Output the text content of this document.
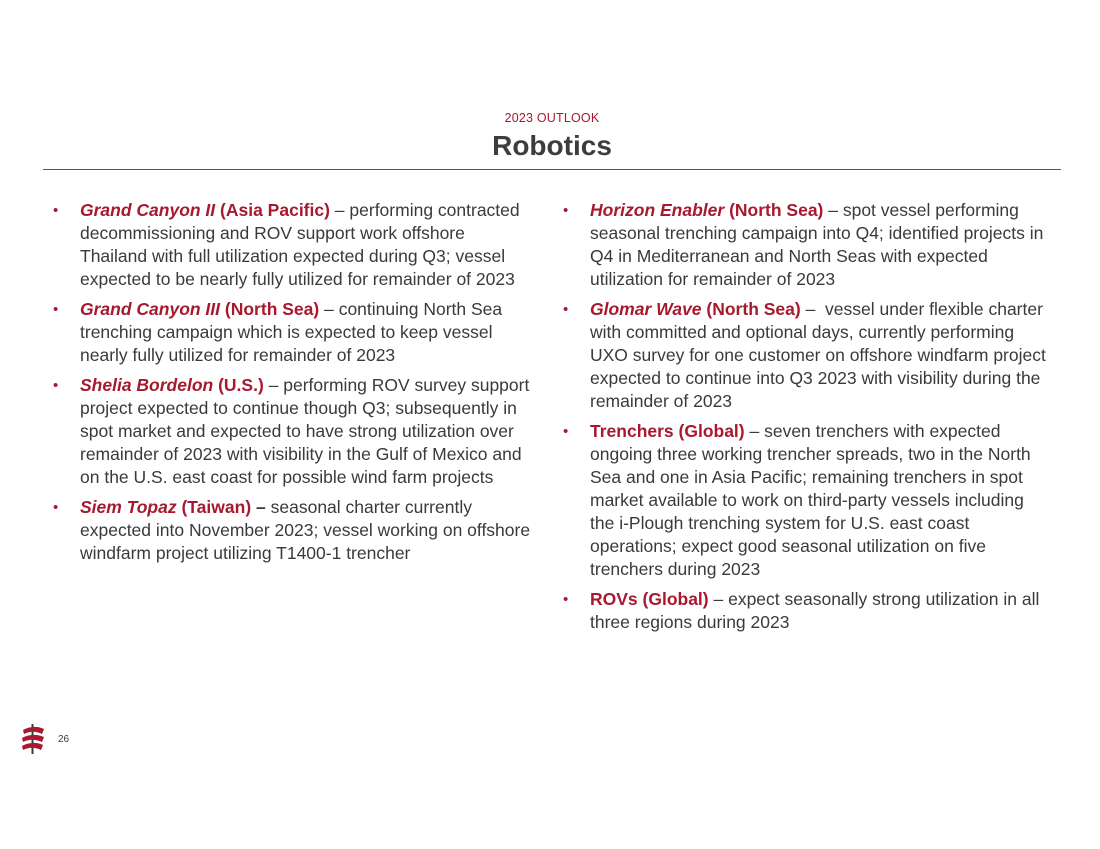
2023 OUTLOOK
Robotics
• Grand Canyon II (Asia Pacific) – performing contracted decommissioning and ROV support work offshore Thailand with full utilization expected during Q3; vessel expected to be nearly fully utilized for remainder of 2023
• Grand Canyon III (North Sea) – continuing North Sea trenching campaign which is expected to keep vessel nearly fully utilized for remainder of 2023
• Shelia Bordelon (U.S.) – performing ROV survey support project expected to continue though Q3; subsequently in spot market and expected to have strong utilization over remainder of 2023 with visibility in the Gulf of Mexico and on the U.S. east coast for possible wind farm projects
• Siem Topaz (Taiwan) – seasonal charter currently expected into November 2023; vessel working on offshore windfarm project utilizing T1400-1 trencher
• Horizon Enabler (North Sea) – spot vessel performing seasonal trenching campaign into Q4; identified projects in Q4 in Mediterranean and North Seas with expected utilization for remainder of 2023
• Glomar Wave (North Sea) –  vessel under flexible charter with committed and optional days, currently performing UXO survey for one customer on offshore windfarm project expected to continue into Q3 2023 with visibility during the remainder of 2023
• Trenchers (Global) – seven trenchers with expected ongoing three working trencher spreads, two in the North Sea and one in Asia Pacific; remaining trenchers in spot market available to work on third-party vessels including the i-Plough trenching system for U.S. east coast operations; expect good seasonal utilization on five trenchers during 2023
• ROVs (Global) – expect seasonally strong utilization in all three regions during 2023
26
